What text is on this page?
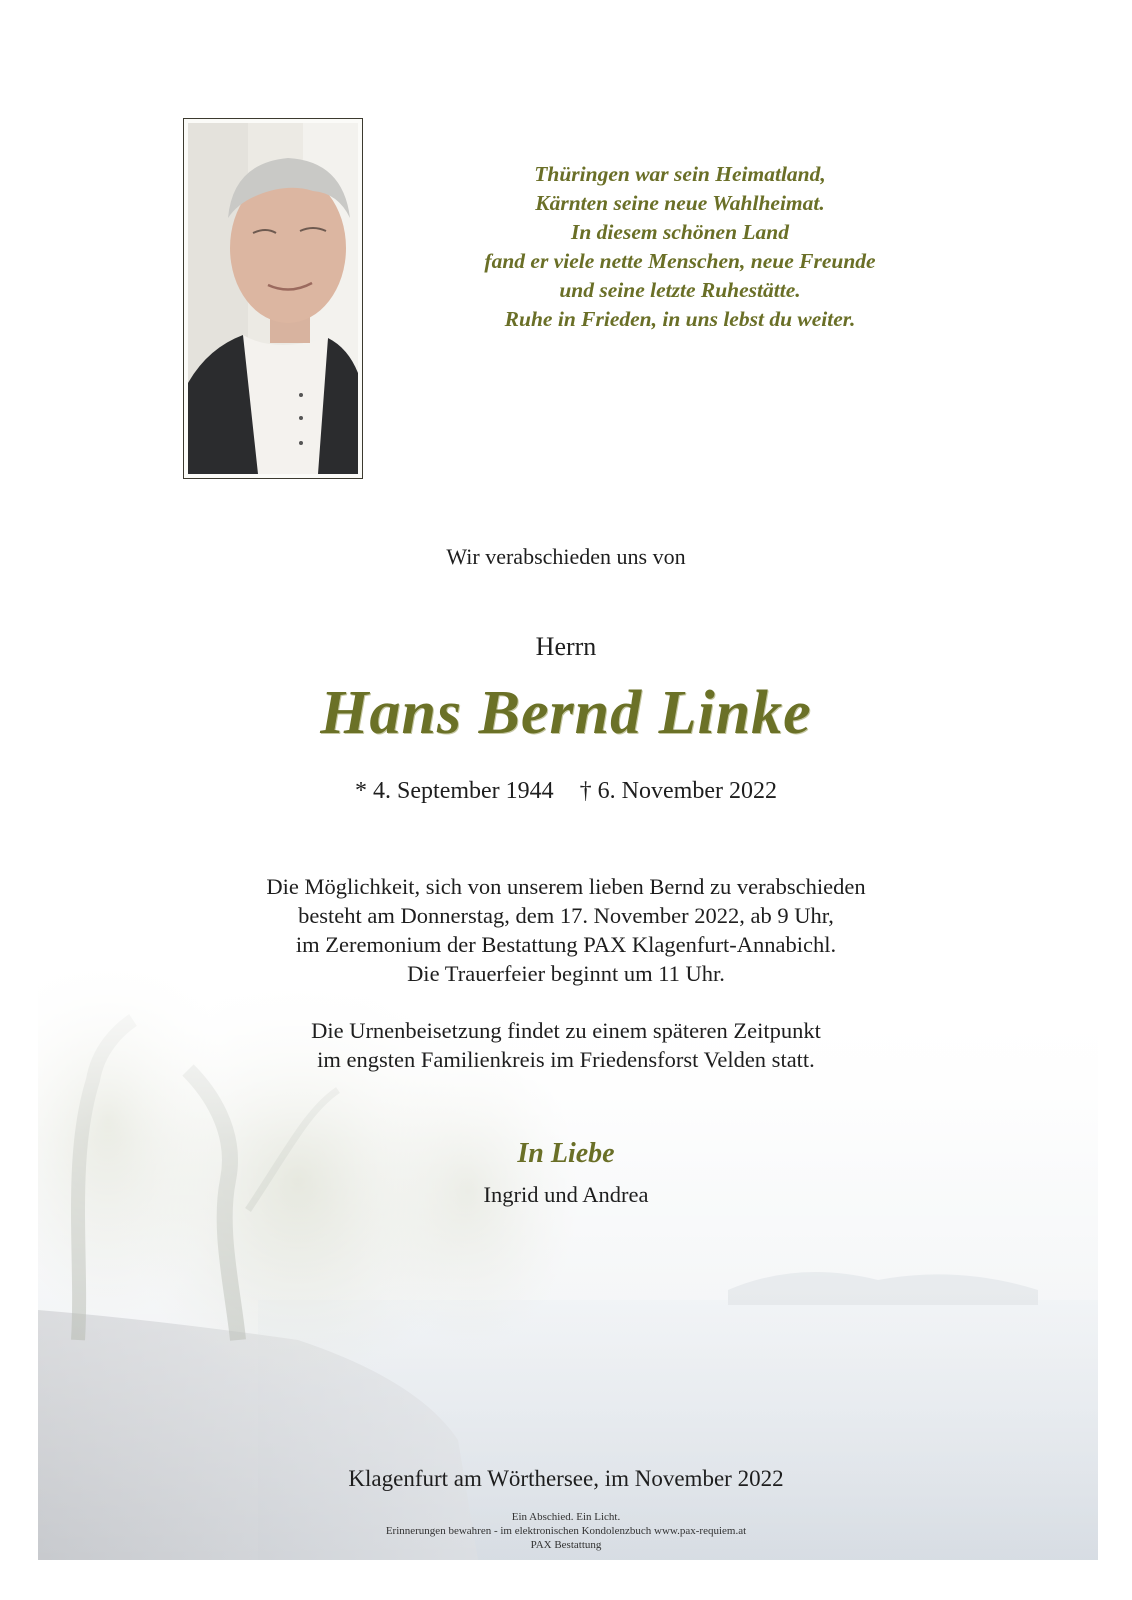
Thüringen war sein Heimatland,
Kärnten seine neue Wahlheimat.
In diesem schönen Land
fand er viele nette Menschen, neue Freunde
und seine letzte Ruhestätte.
Ruhe in Frieden, in uns lebst du weiter.
Wir verabschieden uns von
Herrn
Hans Bernd Linke
* 4. September 1944 † 6. November 2022
Die Möglichkeit, sich von unserem lieben Bernd zu verabschieden
besteht am Donnerstag, dem 17. November 2022, ab 9 Uhr,
im Zeremonium der Bestattung PAX Klagenfurt-Annabichl.
Die Trauerfeier beginnt um 11 Uhr.
Die Urnenbeisetzung findet zu einem späteren Zeitpunkt
im engsten Familienkreis im Friedensforst Velden statt.
In Liebe
Ingrid und Andrea
Klagenfurt am Wörthersee, im November 2022
Ein Abschied. Ein Licht.
Erinnerungen bewahren - im elektronischen Kondolenzbuch www.pax-requiem.at
PAX Bestattung
